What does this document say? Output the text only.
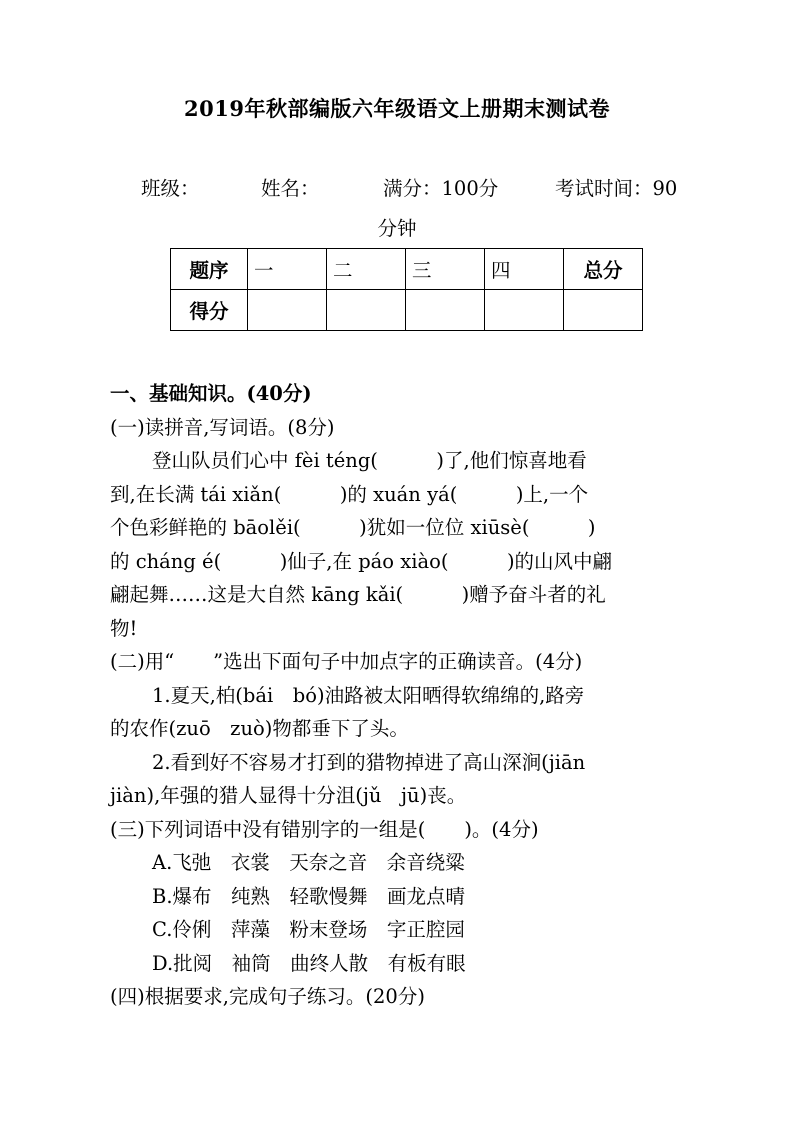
2019年秋部编版六年级语文上册期末测试卷
班级：	姓名：	满分：100分	考试时间：90
分钟
题序	一	二	三	四	总分
得分					

一、基础知识。(40分)

(一)读拼音,写词语。(8分)

登山队员们心中 fèi téng(　　　)了,他们惊喜地看

到,在长满 tái xiǎn(　　　)的 xuán yá(　　　)上,一个

个色彩鲜艳的 bāolěi(　　　)犹如一位位 xiūsè(　　　)

的 cháng é(　　　)仙子,在 páo xiào(　　　)的山风中翩

翩起舞……这是大自然 kāng kǎi(　　　)赠予奋斗者的礼

物!

(二)用“　　”选出下面句子中加点字的正确读音。(4分)

1.夏天,柏(bái　bó)油路被太阳晒得软绵绵的,路旁

的农作(zuō　zuò)物都垂下了头。

2.看到好不容易才打到的猎物掉进了高山深涧(jiān

jiàn),年强的猎人显得十分沮(jǔ　jū)丧。

(三)下列词语中没有错别字的一组是(　　)。(4分)

A.飞弛　衣裳　天奈之音　余音绕粱

B.爆布　纯熟　轻歌慢舞　画龙点晴

C.伶俐　萍藻　粉末登场　字正腔园

D.批阅　袖筒　曲终人散　有板有眼

(四)根据要求,完成句子练习。(20分)
